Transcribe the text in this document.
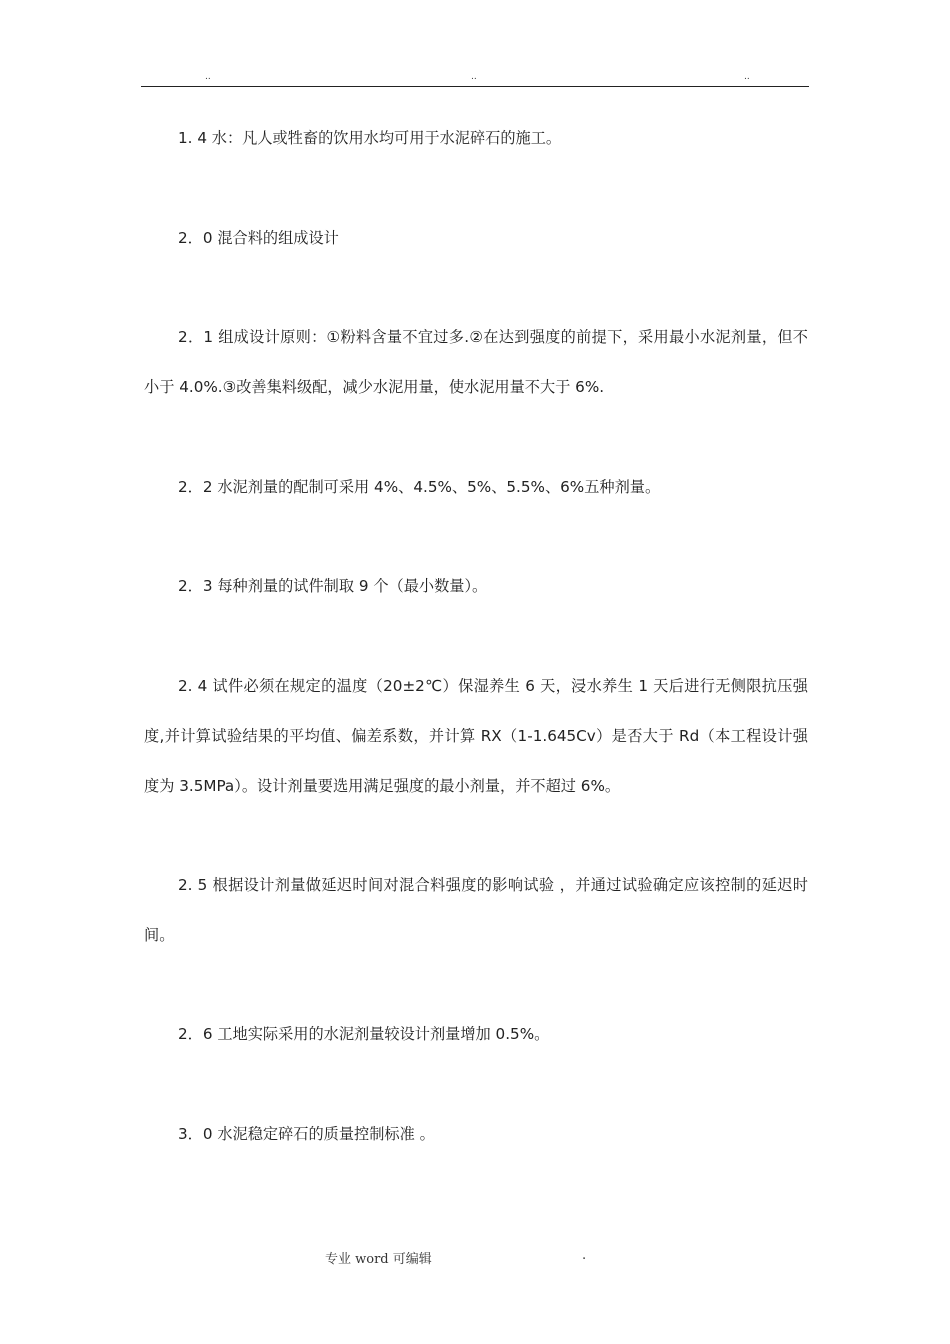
..	..	..

1. 4 水：凡人或牲畜的饮用水均可用于水泥碎石的施工。

2．0 混合料的组成设计

2．1 组成设计原则：①粉料含量不宜过多.②在达到强度的前提下，采用最小水泥剂量，但不小于 4.0%.③改善集料级配，减少水泥用量，使水泥用量不大于 6%.

2．2 水泥剂量的配制可采用 4%、4.5%、5%、5.5%、6%五种剂量。

2．3 每种剂量的试件制取 9 个（最小数量）。

2. 4 试件必须在规定的温度（20±2℃）保湿养生 6 天，浸水养生 1 天后进行无侧限抗压强度,并计算试验结果的平均值、偏差系数，并计算 RX（1-1.645Cv）是否大于 Rd（本工程设计强度为 3.5MPa）。设计剂量要选用满足强度的最小剂量，并不超过 6%。

2. 5 根据设计剂量做延迟时间对混合料强度的影响试验 ，并通过试验确定应该控制的延迟时间。

2．6 工地实际采用的水泥剂量较设计剂量增加 0.5%。

3．0 水泥稳定碎石的质量控制标准 。

专业 word 可编辑	.
